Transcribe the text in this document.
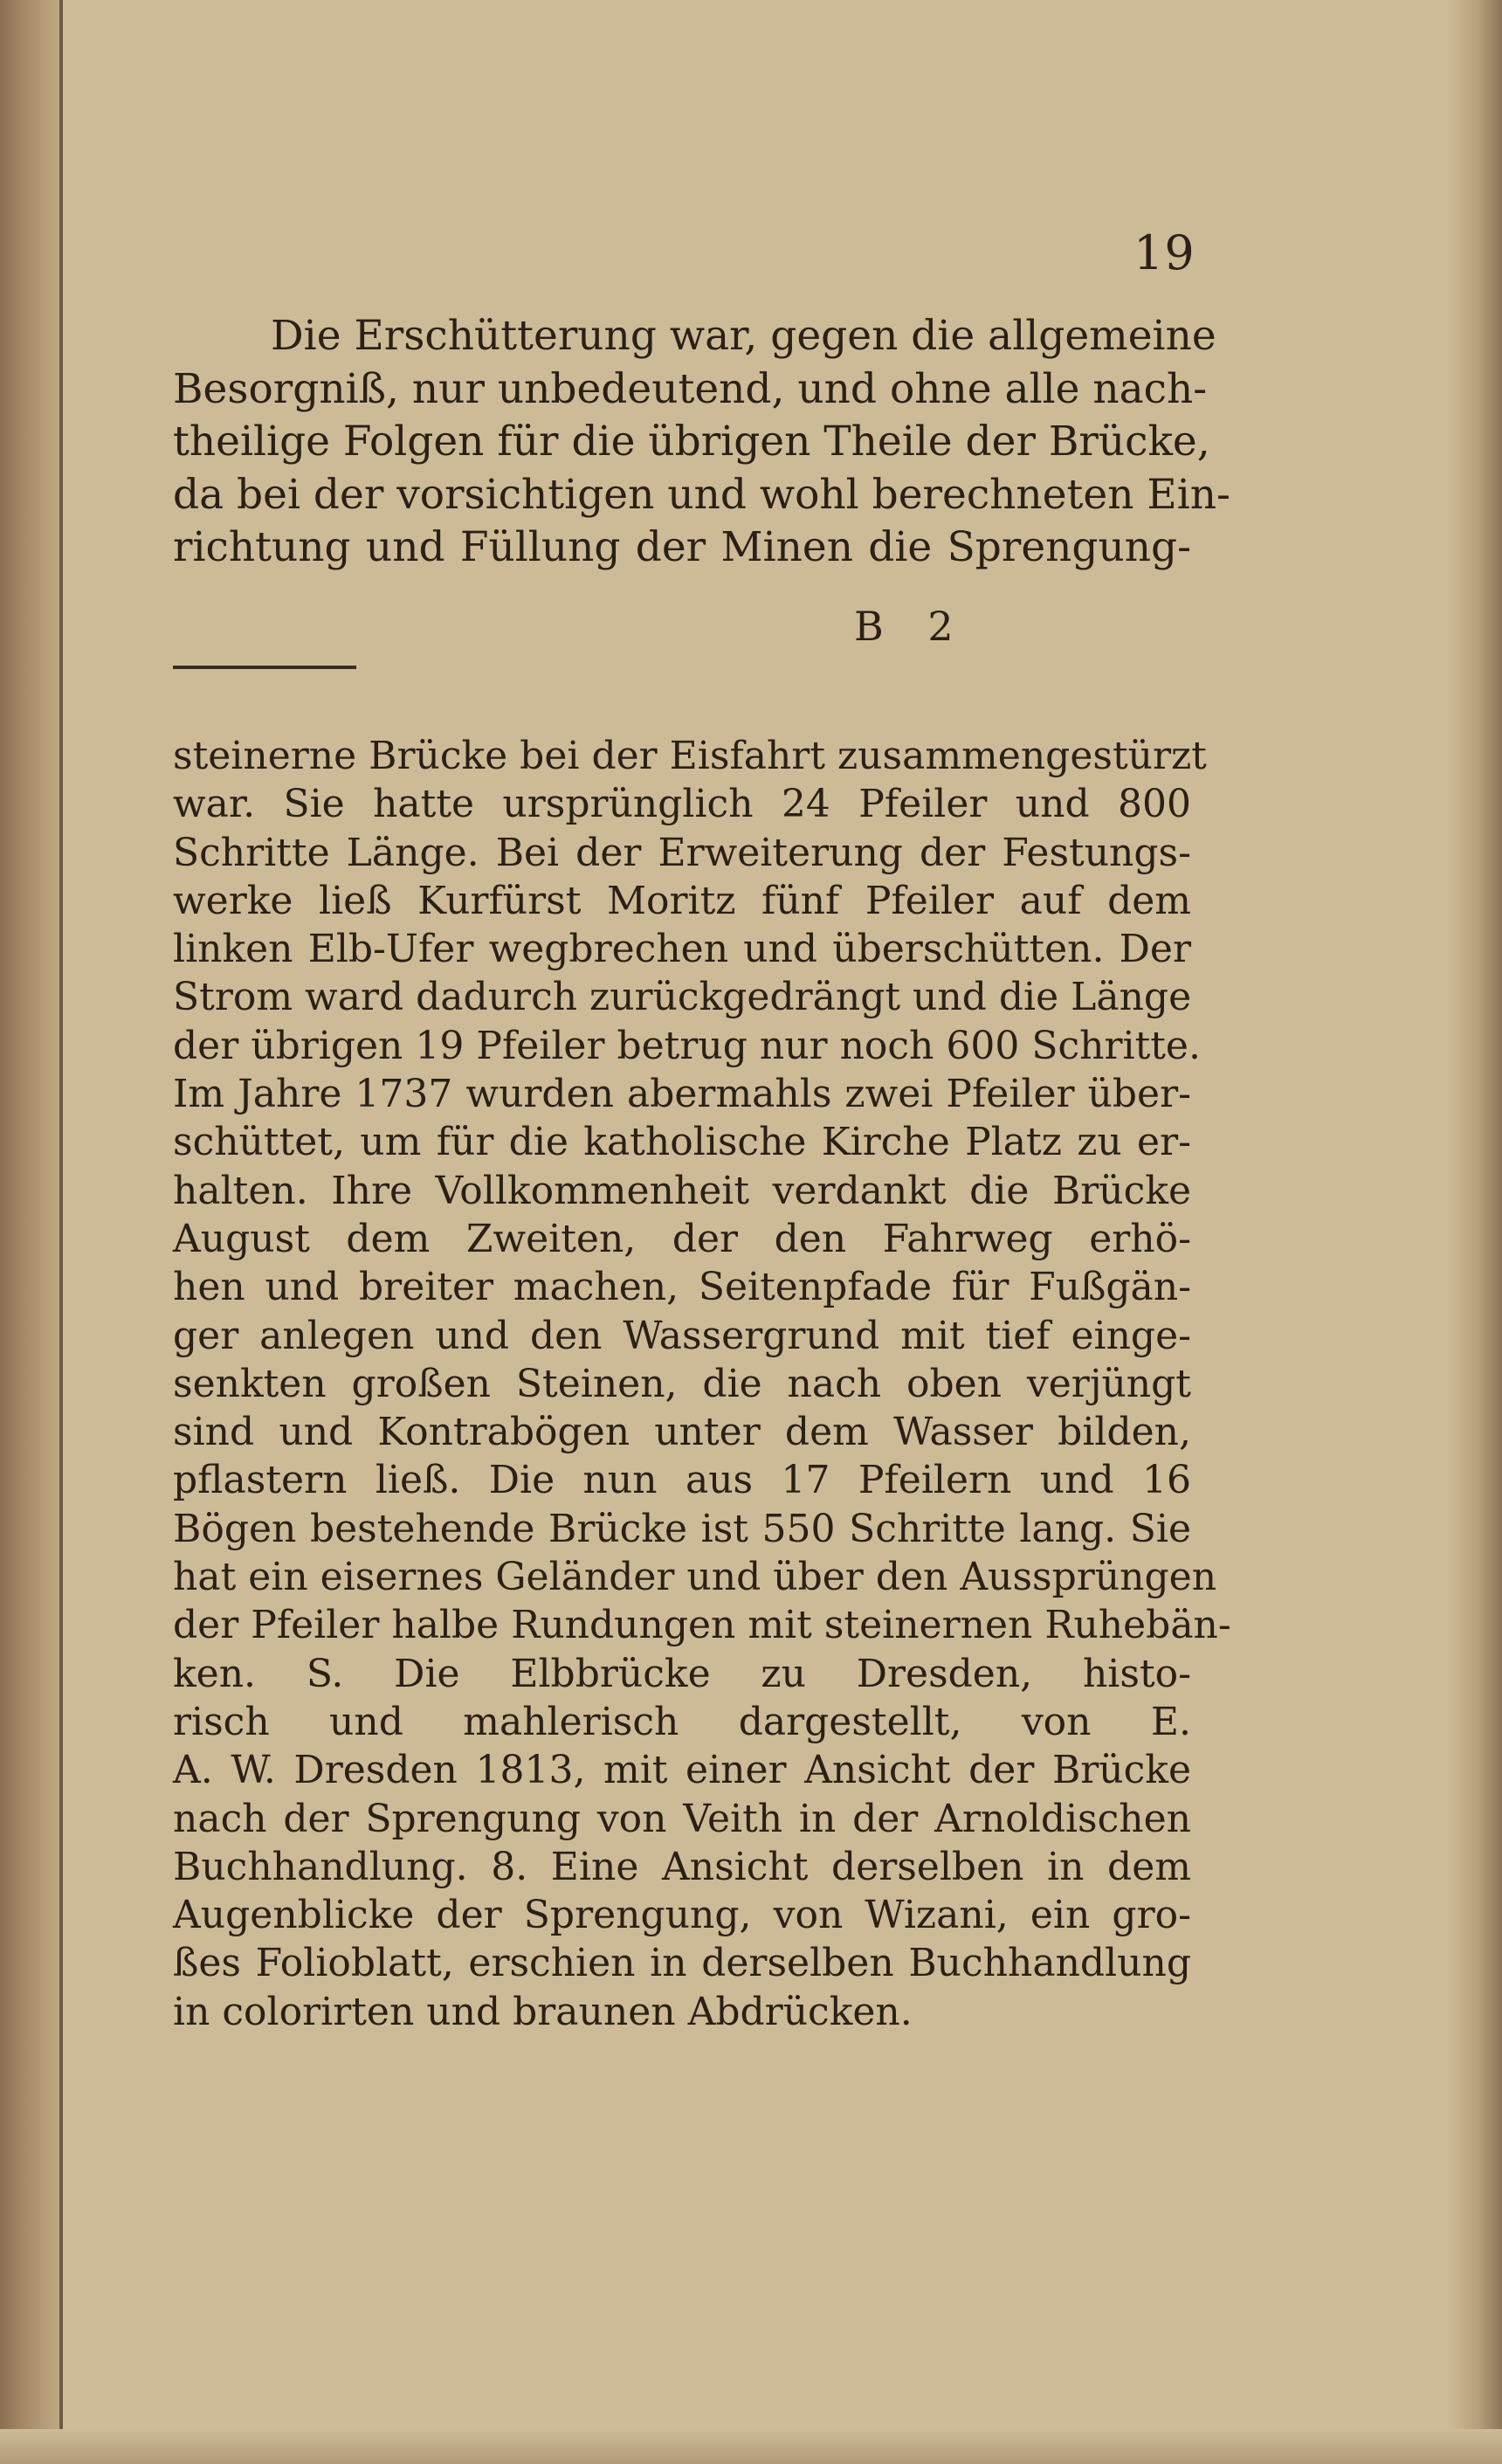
19
Die Erschütterung war, gegen die allgemeine
Besorgniß, nur unbedeutend, und ohne alle nach-
theilige Folgen für die übrigen Theile der Brücke,
da bei der vorsichtigen und wohl berechneten Ein-
richtung und Füllung der Minen die Sprengung-
B 2
steinerne Brücke bei der Eisfahrt zusammengestürzt
war. Sie hatte ursprünglich 24 Pfeiler und 800
Schritte Länge. Bei der Erweiterung der Festungs-
werke ließ Kurfürst Moritz fünf Pfeiler auf dem
linken Elb-Ufer wegbrechen und überschütten. Der
Strom ward dadurch zurückgedrängt und die Länge
der übrigen 19 Pfeiler betrug nur noch 600 Schritte.
Im Jahre 1737 wurden abermahls zwei Pfeiler über-
schüttet, um für die katholische Kirche Platz zu er-
halten. Ihre Vollkommenheit verdankt die Brücke
August dem Zweiten, der den Fahrweg erhö-
hen und breiter machen, Seitenpfade für Fußgän-
ger anlegen und den Wassergrund mit tief einge-
senkten großen Steinen, die nach oben verjüngt
sind und Kontrabögen unter dem Wasser bilden,
pflastern ließ. Die nun aus 17 Pfeilern und 16
Bögen bestehende Brücke ist 550 Schritte lang. Sie
hat ein eisernes Geländer und über den Aussprüngen
der Pfeiler halbe Rundungen mit steinernen Ruhebän-
ken. S. Die Elbbrücke zu Dresden, histo-
risch und mahlerisch dargestellt, von E.
A. W. Dresden 1813, mit einer Ansicht der Brücke
nach der Sprengung von Veith in der Arnoldischen
Buchhandlung. 8. Eine Ansicht derselben in dem
Augenblicke der Sprengung, von Wizani, ein gro-
ßes Folioblatt, erschien in derselben Buchhandlung
in colorirten und braunen Abdrücken.
